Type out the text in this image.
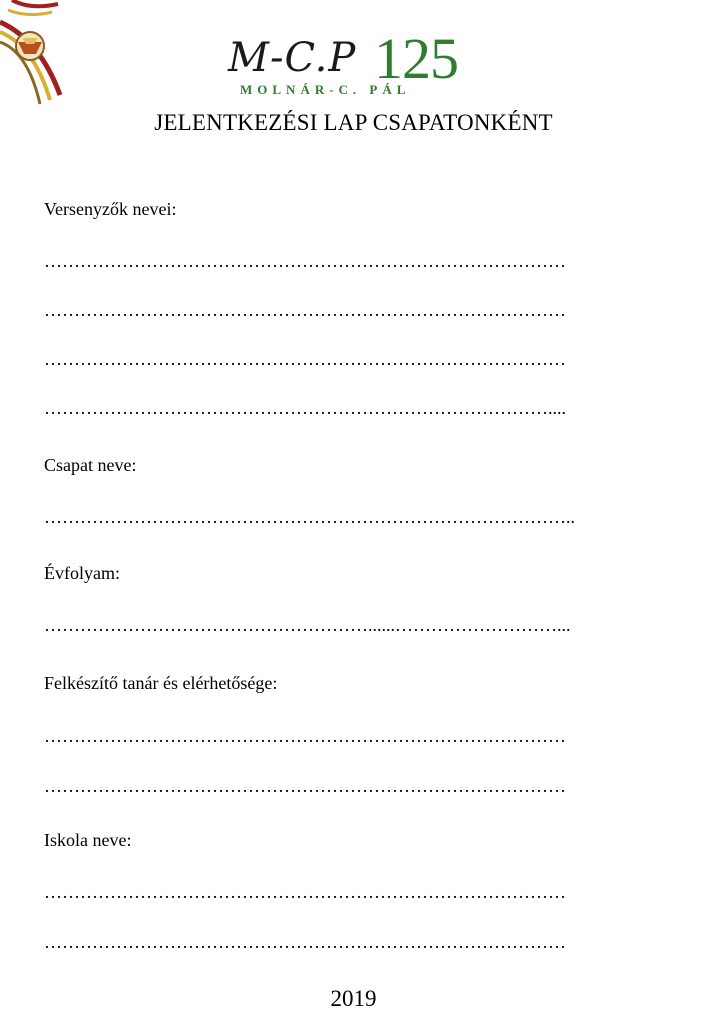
M-C.P 125
MOLNÁR-C. PÁL
JELENTKEZÉSI LAP CSAPATONKÉNT
Versenyzők nevei:
……………………………………………………………………………
……………………………………………………………………………
……………………………………………………………………………
…………………………………………………………………………....
Csapat neve:
……………………………………………………………………………..
Évfolyam:
………………………………………………......………………………...
Felkészítő tanár és elérhetősége:
……………………………………………………………………………
……………………………………………………………………………
Iskola neve:
……………………………………………………………………………
……………………………………………………………………………
2019
